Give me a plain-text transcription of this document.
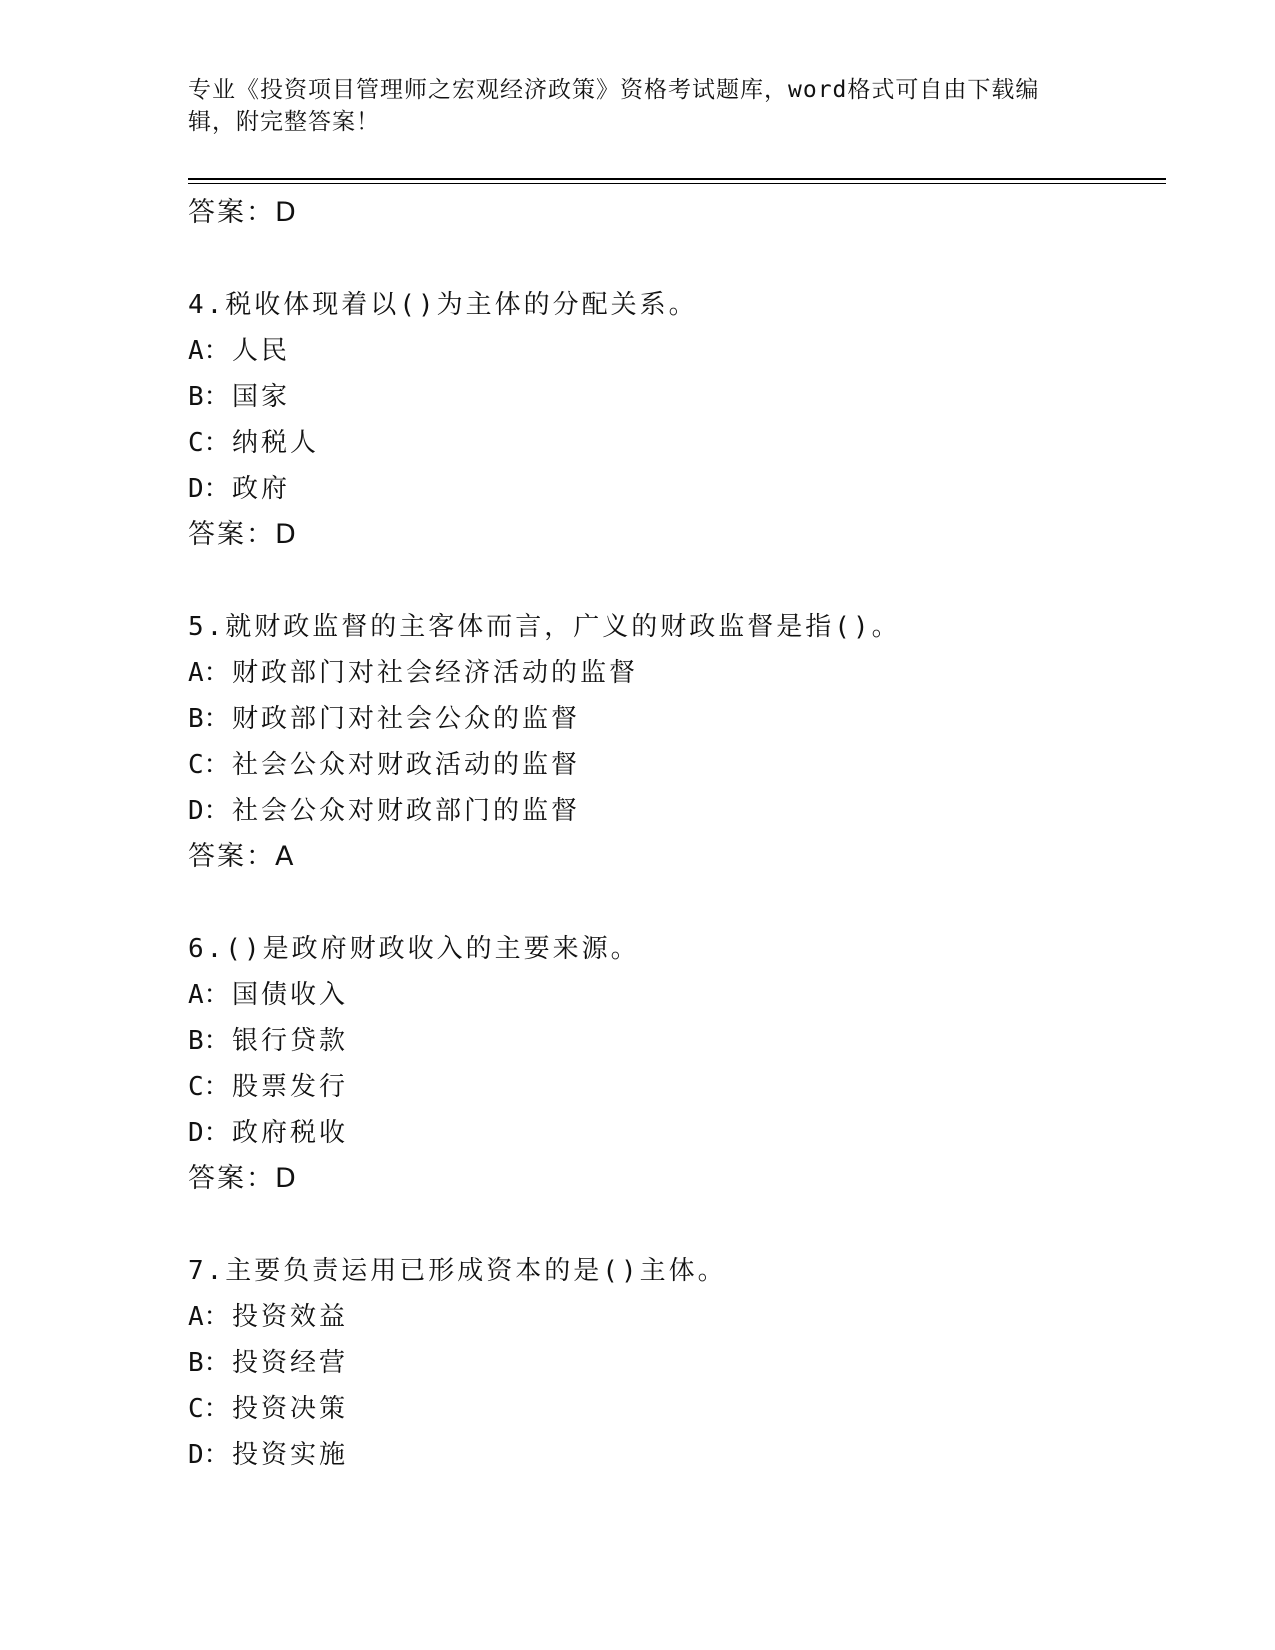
专业《投资项目管理师之宏观经济政策》资格考试题库，word格式可自由下载编
辑，附完整答案！
答案：D
4.税收体现着以()为主体的分配关系。
A：人民
B：国家
C：纳税人
D：政府
答案：D
5.就财政监督的主客体而言，广义的财政监督是指()。
A：财政部门对社会经济活动的监督
B：财政部门对社会公众的监督
C：社会公众对财政活动的监督
D：社会公众对财政部门的监督
答案：A
6.()是政府财政收入的主要来源。
A：国债收入
B：银行贷款
C：股票发行
D：政府税收
答案：D
7.主要负责运用已形成资本的是()主体。
A：投资效益
B：投资经营
C：投资决策
D：投资实施
